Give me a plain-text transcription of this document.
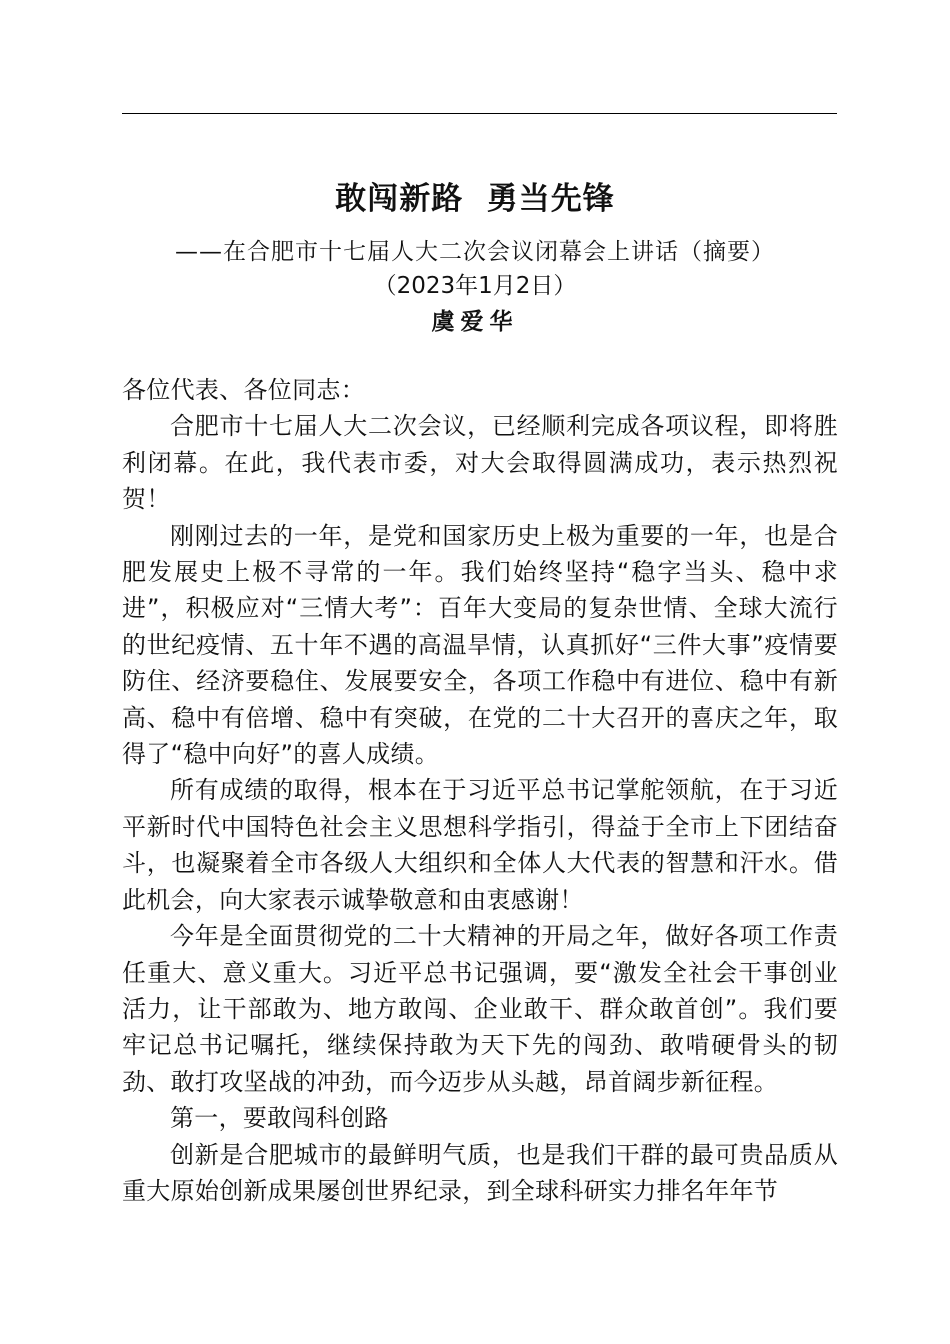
敢闯新路  勇当先锋
——在合肥市十七届人大二次会议闭幕会上讲话（摘要）
（2023年1月2日）
虞爱华

各位代表、各位同志：

合肥市十七届人大二次会议，已经顺利完成各项议程，即将胜利闭幕。在此，我代表市委，对大会取得圆满成功，表示热烈祝贺！

刚刚过去的一年，是党和国家历史上极为重要的一年，也是合肥发展史上极不寻常的一年。我们始终坚持“稳字当头、稳中求进”，积极应对“三情大考”：百年大变局的复杂世情、全球大流行的世纪疫情、五十年不遇的高温旱情，认真抓好“三件大事”疫情要防住、经济要稳住、发展要安全，各项工作稳中有进位、稳中有新高、稳中有倍增、稳中有突破，在党的二十大召开的喜庆之年，取得了“稳中向好”的喜人成绩。

所有成绩的取得，根本在于习近平总书记掌舵领航，在于习近平新时代中国特色社会主义思想科学指引，得益于全市上下团结奋斗，也凝聚着全市各级人大组织和全体人大代表的智慧和汗水。借此机会，向大家表示诚挚敬意和由衷感谢！

今年是全面贯彻党的二十大精神的开局之年，做好各项工作责任重大、意义重大。习近平总书记强调，要“激发全社会干事创业活力，让干部敢为、地方敢闯、企业敢干、群众敢首创”。我们要牢记总书记嘱托，继续保持敢为天下先的闯劲、敢啃硬骨头的韧劲、敢打攻坚战的冲劲，而今迈步从头越，昂首阔步新征程。

第一，要敢闯科创路

创新是合肥城市的最鲜明气质，也是我们干群的最可贵品质从重大原始创新成果屡创世界纪录，到全球科研实力排名年年节
